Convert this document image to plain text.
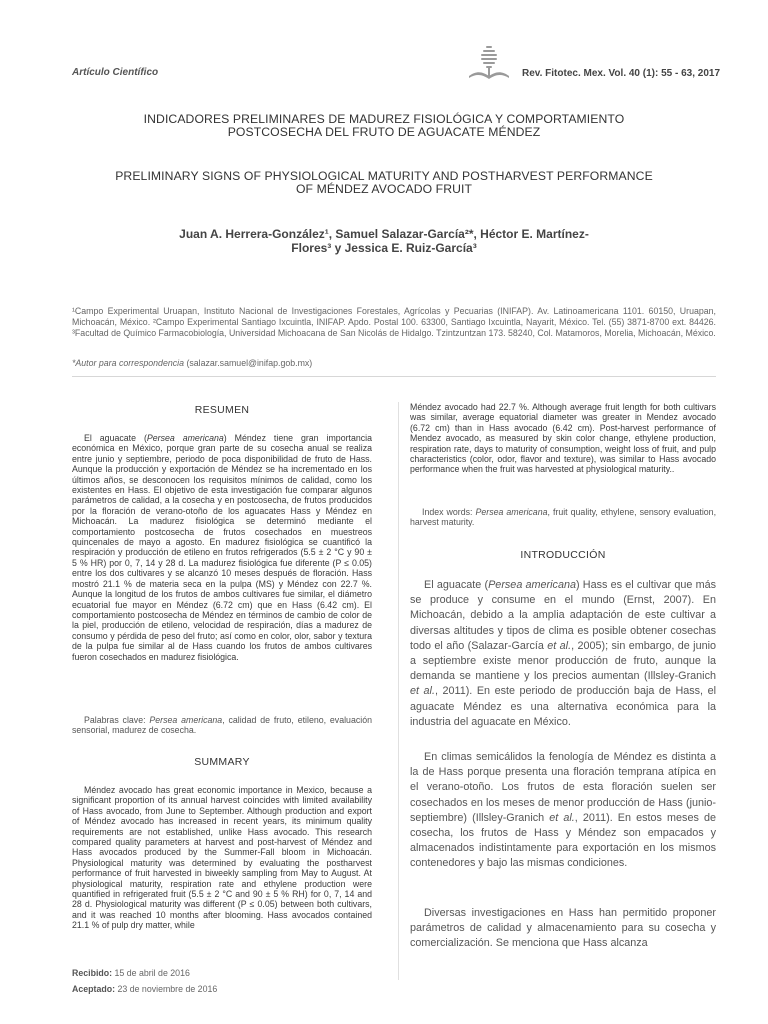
Artículo Científico	Rev. Fitotec. Mex. Vol. 40 (1): 55 - 63, 2017
INDICADORES PRELIMINARES DE MADUREZ FISIOLÓGICA Y COMPORTAMIENTO POSTCOSECHA DEL FRUTO DE AGUACATE MÉNDEZ
PRELIMINARY SIGNS OF PHYSIOLOGICAL MATURITY AND POSTHARVEST PERFORMANCE OF MÉNDEZ AVOCADO FRUIT
Juan A. Herrera-González¹, Samuel Salazar-García²*, Héctor E. Martínez-Flores³ y Jessica E. Ruiz-García³
¹Campo Experimental Uruapan, Instituto Nacional de Investigaciones Forestales, Agrícolas y Pecuarias (INIFAP). Av. Latinoamericana 1101. 60150, Uruapan, Michoacán, México. ²Campo Experimental Santiago Ixcuintla, INIFAP. Apdo. Postal 100. 63300, Santiago Ixcuintla, Nayarit, México. Tel. (55) 3871-8700 ext. 84426. ³Facultad de Químico Farmacobiología, Universidad Michoacana de San Nicolás de Hidalgo. Tzintzuntzan 173. 58240, Col. Matamoros, Morelia, Michoacán, México.
*Autor para correspondencia (salazar.samuel@inifap.gob.mx)
RESUMEN

El aguacate (Persea americana) Méndez tiene gran importancia económica en México, porque gran parte de su cosecha anual se realiza entre junio y septiembre, periodo de poca disponibilidad de fruto de Hass. Aunque la producción y exportación de Méndez se ha incrementado en los últimos años, se desconocen los requisitos mínimos de calidad, como los existentes en Hass. El objetivo de esta investigación fue comparar algunos parámetros de calidad, a la cosecha y en postcosecha, de frutos producidos por la floración de verano-otoño de los aguacates Hass y Méndez en Michoacán. La madurez fisiológica se determinó mediante el comportamiento postcosecha de frutos cosechados en muestreos quincenales de mayo a agosto. En madurez fisiológica se cuantificó la respiración y producción de etileno en frutos refrigerados (5.5 ± 2 °C y 90 ± 5 % HR) por 0, 7, 14 y 28 d. La madurez fisiológica fue diferente (P ≤ 0.05) entre los dos cultivares y se alcanzó 10 meses después de floración. Hass mostró 21.1 % de materia seca en la pulpa (MS) y Méndez con 22.7 %. Aunque la longitud de los frutos de ambos cultivares fue similar, el diámetro ecuatorial fue mayor en Méndez (6.72 cm) que en Hass (6.42 cm). El comportamiento postcosecha de Méndez en términos de cambio de color de la piel, producción de etileno, velocidad de respiración, días a madurez de consumo y pérdida de peso del fruto; así como en color, olor, sabor y textura de la pulpa fue similar al de Hass cuando los frutos de ambos cultivares fueron cosechados en madurez fisiológica.

Palabras clave: Persea americana, calidad de fruto, etileno, evaluación sensorial, madurez de cosecha.

SUMMARY

Méndez avocado has great economic importance in Mexico, because a significant proportion of its annual harvest coincides with limited availability of Hass avocado, from June to September. Although production and export of Méndez avocado has increased in recent years, its minimum quality requirements are not established, unlike Hass avocado. This research compared quality parameters at harvest and post-harvest of Méndez and Hass avocados produced by the Summer-Fall bloom in Michoacán. Physiological maturity was determined by evaluating the postharvest performance of fruit harvested in biweekly sampling from May to August. At physiological maturity, respiration rate and ethylene production were quantified in refrigerated fruit (5.5 ± 2 °C and 90 ± 5 % RH) for 0, 7, 14 and 28 d. Physiological maturity was different (P ≤ 0.05) between both cultivars, and it was reached 10 months after blooming. Hass avocados contained 21.1 % of pulp dry matter, while

Méndez avocado had 22.7 %. Although average fruit length for both cultivars was similar, average equatorial diameter was greater in Mendez avocado (6.72 cm) than in Hass avocado (6.42 cm). Post-harvest performance of Mendez avocado, as measured by skin color change, ethylene production, respiration rate, days to maturity of consumption, weight loss of fruit, and pulp characteristics (color, odor, flavor and texture), was similar to Hass avocado performance when the fruit was harvested at physiological maturity..

Index words: Persea americana, fruit quality, ethylene, sensory evaluation, harvest maturity.

INTRODUCCIÓN

El aguacate (Persea americana) Hass es el cultivar que más se produce y consume en el mundo (Ernst, 2007). En Michoacán, debido a la amplia adaptación de este cultivar a diversas altitudes y tipos de clima es posible obtener cosechas todo el año (Salazar-García et al., 2005); sin embargo, de junio a septiembre existe menor producción de fruto, aunque la demanda se mantiene y los precios aumentan (Illsley-Granich et al., 2011). En este periodo de producción baja de Hass, el aguacate Méndez es una alternativa económica para la industria del aguacate en México.

En climas semicálidos la fenología de Méndez es distinta a la de Hass porque presenta una floración temprana atípica en el verano-otoño. Los frutos de esta floración suelen ser cosechados en los meses de menor producción de Hass (junio-septiembre) (Illsley-Granich et al., 2011). En estos meses de cosecha, los frutos de Hass y Méndez son empacados y almacenados indistintamente para exportación en los mismos contenedores y bajo las mismas condiciones.

Diversas investigaciones en Hass han permitido proponer parámetros de calidad y almacenamiento para su cosecha y comercialización. Se menciona que Hass alcanza

Recibido: 15 de abril de 2016
Aceptado: 23 de noviembre de 2016
